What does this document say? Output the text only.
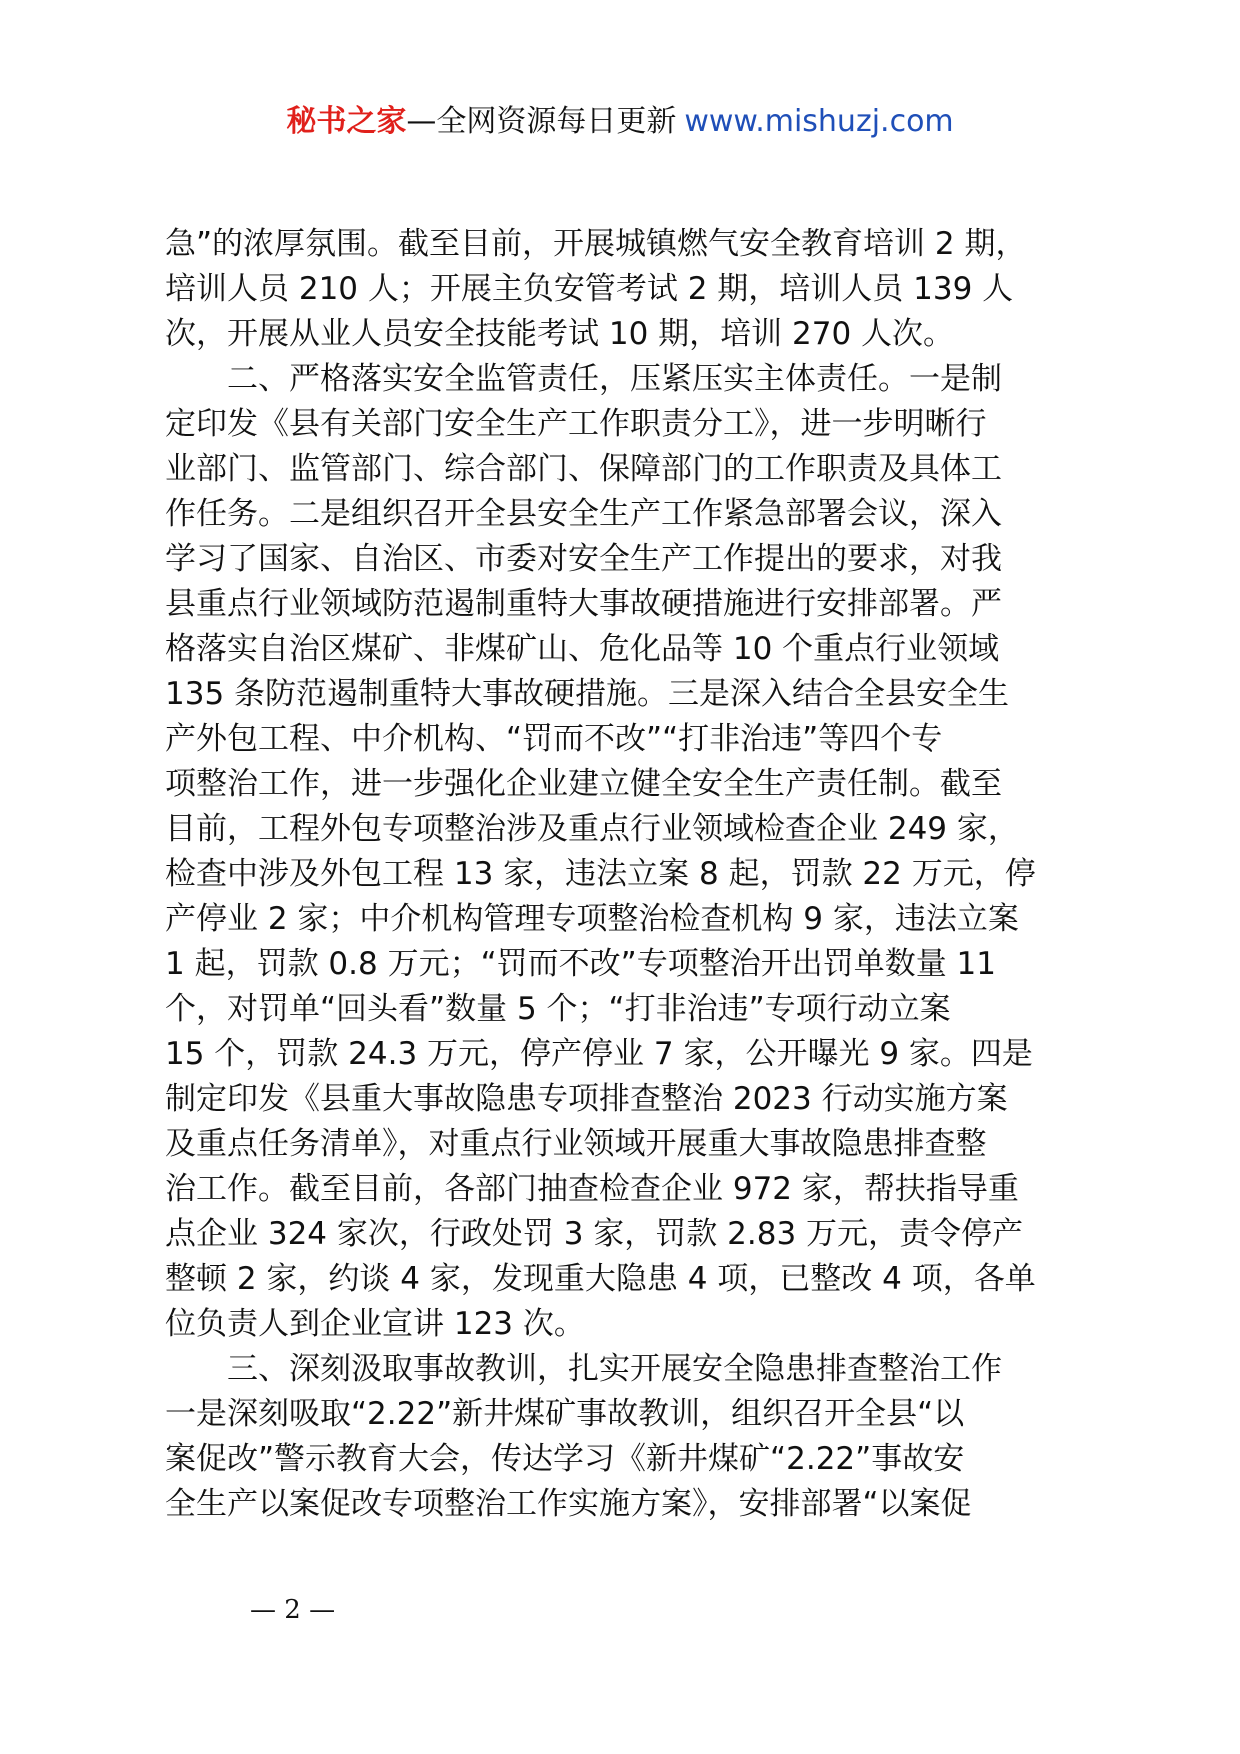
秘书之家—全网资源每日更新 www.mishuzj.com
急”的浓厚氛围。截至目前，开展城镇燃气安全教育培训 2 期，
培训人员 210 人；开展主负安管考试 2 期，培训人员 139 人
次，开展从业人员安全技能考试 10 期，培训 270 人次。
　　二、严格落实安全监管责任，压紧压实主体责任。一是制
定印发《县有关部门安全生产工作职责分工》，进一步明晰行
业部门、监管部门、综合部门、保障部门的工作职责及具体工
作任务。二是组织召开全县安全生产工作紧急部署会议，深入
学习了国家、自治区、市委对安全生产工作提出的要求，对我
县重点行业领域防范遏制重特大事故硬措施进行安排部署。严
格落实自治区煤矿、非煤矿山、危化品等 10 个重点行业领域
135 条防范遏制重特大事故硬措施。三是深入结合全县安全生
产外包工程、中介机构、“罚而不改”“打非治违”等四个专
项整治工作，进一步强化企业建立健全安全生产责任制。截至
目前，工程外包专项整治涉及重点行业领域检查企业 249 家，
检查中涉及外包工程 13 家，违法立案 8 起，罚款 22 万元，停
产停业 2 家；中介机构管理专项整治检查机构 9 家，违法立案
1 起，罚款 0.8 万元；“罚而不改”专项整治开出罚单数量 11
个，对罚单“回头看”数量 5 个；“打非治违”专项行动立案
15 个，罚款 24.3 万元，停产停业 7 家，公开曝光 9 家。四是
制定印发《县重大事故隐患专项排查整治 2023 行动实施方案
及重点任务清单》，对重点行业领域开展重大事故隐患排查整
治工作。截至目前，各部门抽查检查企业 972 家，帮扶指导重
点企业 324 家次，行政处罚 3 家，罚款 2.83 万元，责令停产
整顿 2 家，约谈 4 家，发现重大隐患 4 项，已整改 4 项，各单
位负责人到企业宣讲 123 次。
　　三、深刻汲取事故教训，扎实开展安全隐患排查整治工作
一是深刻吸取“2.22”新井煤矿事故教训，组织召开全县“以
案促改”警示教育大会，传达学习《新井煤矿“2.22”事故安
全生产以案促改专项整治工作实施方案》，安排部署“以案促
— 2 —
